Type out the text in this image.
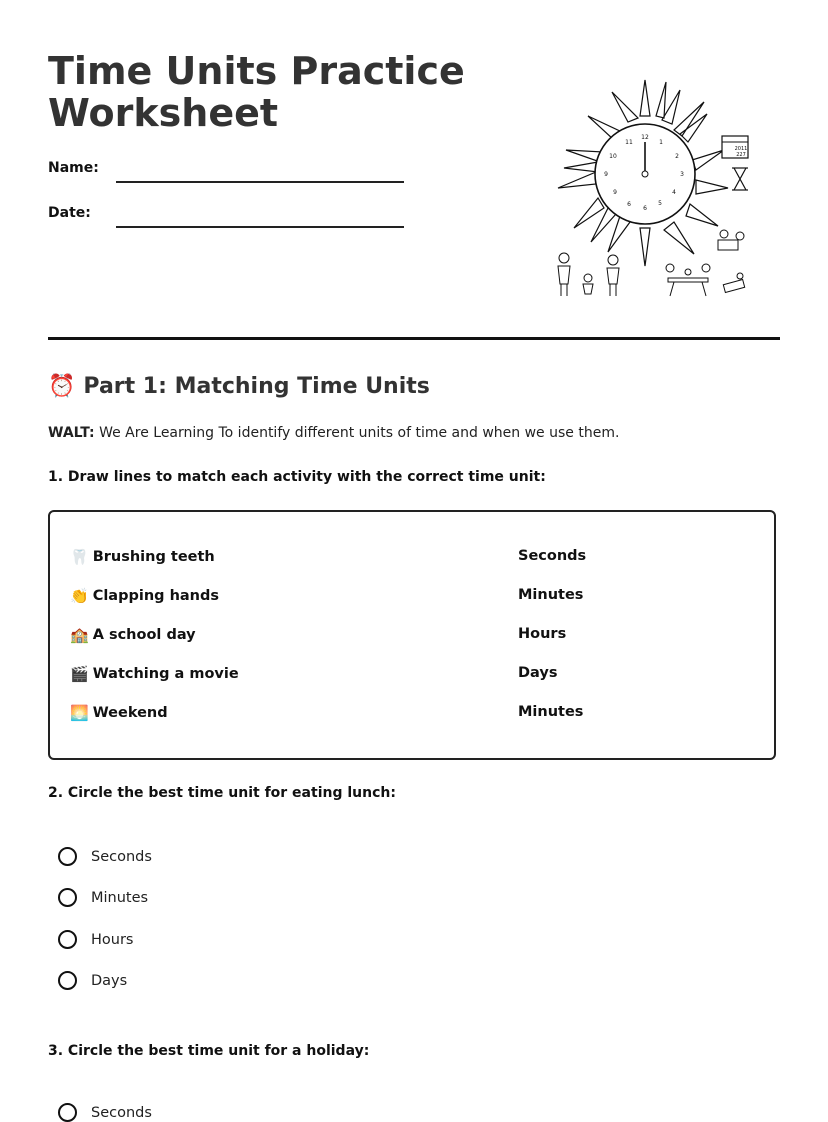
Time Units Practice Worksheet
Name:
Date:
12
1
2
3
4
5
6
6
9
9
10
11
2011
227
⏰ Part 1: Matching Time Units
WALT: We Are Learning To identify different units of time and when we use them.
1. Draw lines to match each activity with the correct time unit:
🦷 Brushing teeth	Seconds
👏 Clapping hands	Minutes
🏫 A school day	Hours
🎬 Watching a movie	Days
🌅 Weekend	Minutes
2. Circle the best time unit for eating lunch:
Seconds
Minutes
Hours
Days
3. Circle the best time unit for a holiday:
Seconds
